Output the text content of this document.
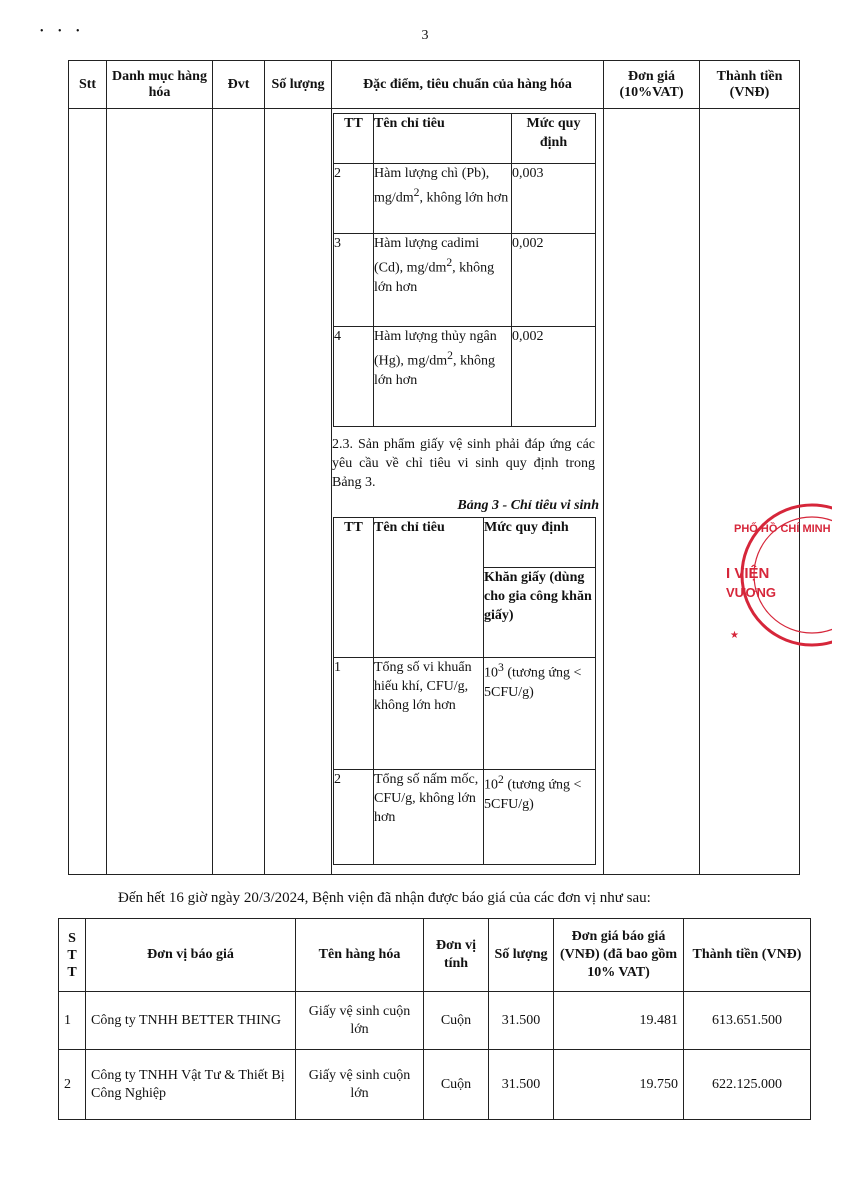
• • •	3
Stt	Danh mục hàng hóa	Đvt	Số lượng	Đặc điểm, tiêu chuẩn của hàng hóa	Đơn giá (10%VAT)	Thành tiền (VNĐ)

TT	Tên chỉ tiêu	Mức quy định
2	Hàm lượng chì (Pb), $mg/dm^2$, không lớn hơn	0,003
3	Hàm lượng cadimi (Cd), $mg/dm^2$, không lớn hơn	0,002
4	Hàm lượng thủy ngân (Hg), $mg/dm^2$, không lớn hơn	0,002
2.3. Sản phẩm giấy vệ sinh phải đáp ứng các yêu cầu về chỉ tiêu vi sinh quy định trong Bảng 3.
Bảng 3 - Chỉ tiêu vi sinh
TT	Tên chỉ tiêu	Mức quy định
Khăn giấy (dùng cho gia công khăn giấy)
1	Tổng số vi khuẩn hiếu khí, CFU/g, không lớn hơn	$10^3$ (tương ứng < 5CFU/g)
2	Tổng số nấm mốc, CFU/g, không lớn hơn	$10^2$ (tương ứng < 5CFU/g)

PHỐ HỒ CHÍ MINH
I VIỆN
VƯƠNG
★
Đến hết 16 giờ ngày 20/3/2024, Bệnh viện đã nhận được báo giá của các đơn vị như sau:
S
T
T	Đơn vị báo giá	Tên hàng hóa	Đơn vị tính	Số lượng	Đơn giá báo giá (VNĐ) (đã bao gồm 10% VAT)	Thành tiền (VNĐ)
1	Công ty TNHH BETTER THING	Giấy vệ sinh cuộn lớn	Cuộn	31.500	19.481	613.651.500
2	Công ty TNHH Vật Tư & Thiết Bị Công Nghiệp	Giấy vệ sinh cuộn lớn	Cuộn	31.500	19.750	622.125.000
